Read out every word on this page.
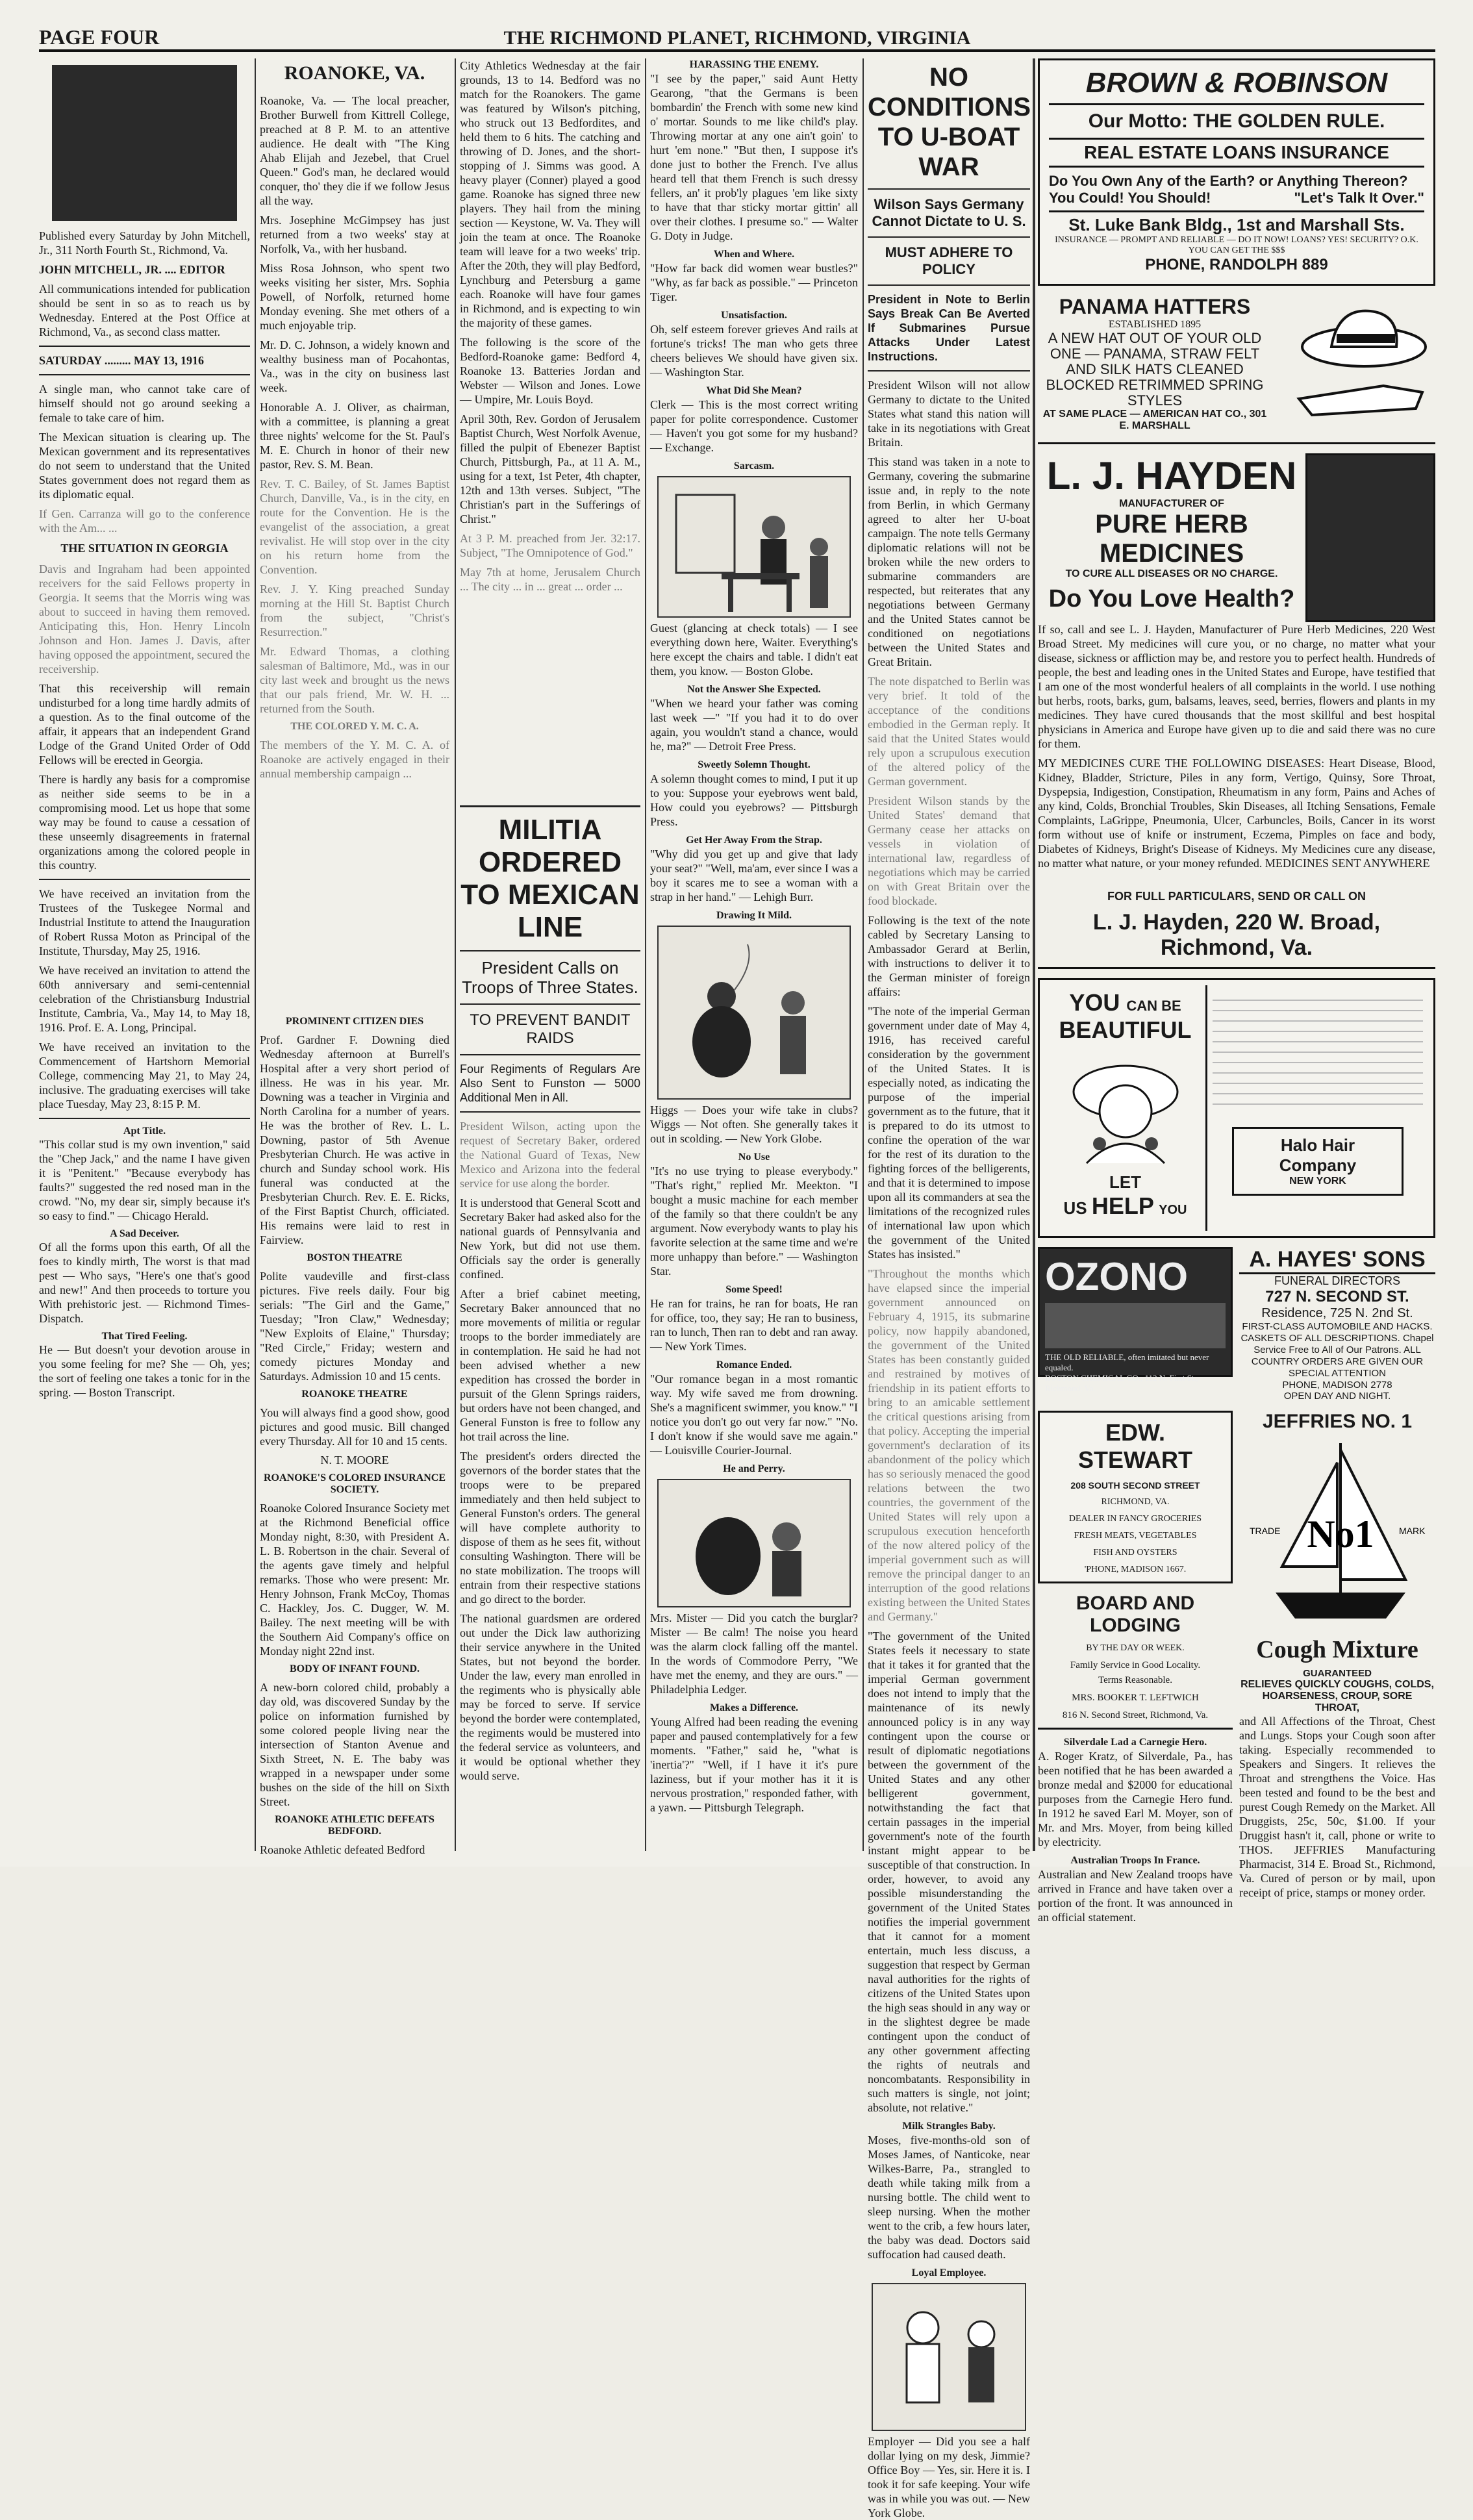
PAGE FOUR	THE RICHMOND PLANET, RICHMOND, VIRGINIA

Published every Saturday by John Mitchell, Jr., 311 North Fourth St., Richmond, Va.

JOHN MITCHELL, JR. .... EDITOR

All communications intended for publication should be sent in so as to reach us by Wednesday. Entered at the Post Office at Richmond, Va., as second class matter.

SATURDAY ......... MAY 13, 1916

A single man, who cannot take care of himself should not go around seeking a female to take care of him.

The Mexican situation is clearing up. The Mexican government and its representatives do not seem to understand that the United States government does not regard them as its diplomatic equal.

If Gen. Carranza will go to the conference with the Am... ...

THE SITUATION IN GEORGIA

Davis and Ingraham had been appointed receivers for the said Fellows property in Georgia. It seems that the Morris wing was about to succeed in having them removed. Anticipating this, Hon. Henry Lincoln Johnson and Hon. James J. Davis, after having opposed the appointment, secured the receivership.

That this receivership will remain undisturbed for a long time hardly admits of a question. As to the final outcome of the affair, it appears that an independent Grand Lodge of the Grand United Order of Odd Fellows will be erected in Georgia.

There is hardly any basis for a compromise as neither side seems to be in a compromising mood. Let us hope that some way may be found to cause a cessation of these unseemly disagreements in fraternal organizations among the colored people in this country.

We have received an invitation from the Trustees of the Tuskegee Normal and Industrial Institute to attend the Inauguration of Robert Russa Moton as Principal of the Institute, Thursday, May 25, 1916.

We have received an invitation to attend the 60th anniversary and semi-centennial celebration of the Christiansburg Industrial Institute, Cambria, Va., May 14, to May 18, 1916. Prof. E. A. Long, Principal.

We have received an invitation to the Commencement of Hartshorn Memorial College, commencing May 21, to May 24, inclusive. The graduating exercises will take place Tuesday, May 23, 8:15 P. M.

Apt Title.

"This collar stud is my own invention," said the "Chep Jack," and the name I have given it is "Penitent." "Because everybody has faults?" suggested the red nosed man in the crowd. "No, my dear sir, simply because it's so easy to find." — Chicago Herald.

A Sad Deceiver.

Of all the forms upon this earth, Of all the foes to kindly mirth, The worst is that mad pest — Who says, "Here's one that's good and new!" And then proceeds to torture you With prehistoric jest. — Richmond Times-Dispatch.

That Tired Feeling.

He — But doesn't your devotion arouse in you some feeling for me? She — Oh, yes; the sort of feeling one takes a tonic for in the spring. — Boston Transcript.

ROANOKE, VA.

Roanoke, Va. — The local preacher, Brother Burwell from Kittrell College, preached at 8 P. M. to an attentive audience. He dealt with "The King Ahab Elijah and Jezebel, that Cruel Queen." God's man, he declared would conquer, tho' they die if we follow Jesus all the way.

Mrs. Josephine McGimpsey has just returned from a two weeks' stay at Norfolk, Va., with her husband.

Miss Rosa Johnson, who spent two weeks visiting her sister, Mrs. Sophia Powell, of Norfolk, returned home Monday evening. She met others of a much enjoyable trip.

Mr. D. C. Johnson, a widely known and wealthy business man of Pocahontas, Va., was in the city on business last week.

Honorable A. J. Oliver, as chairman, with a committee, is planning a great three nights' welcome for the St. Paul's M. E. Church in honor of their new pastor, Rev. S. M. Bean.

Rev. T. C. Bailey, of St. James Baptist Church, Danville, Va., is in the city, en route for the Convention. He is the evangelist of the association, a great revivalist. He will stop over in the city on his return home from the Convention.

Rev. J. Y. King preached Sunday morning at the Hill St. Baptist Church from the subject, "Christ's Resurrection."

Mr. Edward Thomas, a clothing salesman of Baltimore, Md., was in our city last week and brought us the news that our pals friend, Mr. W. H. ... returned from the South.

THE COLORED Y. M. C. A.

The members of the Y. M. C. A. of Roanoke are actively engaged in their annual membership campaign ...

PROMINENT CITIZEN DIES

Prof. Gardner F. Downing died Wednesday afternoon at Burrell's Hospital after a very short period of illness. He was in his year. Mr. Downing was a teacher in Virginia and North Carolina for a number of years. He was the brother of Rev. L. L. Downing, pastor of 5th Avenue Presbyterian Church. He was active in church and Sunday school work. His funeral was conducted at the Presbyterian Church. Rev. E. E. Ricks, of the First Baptist Church, officiated. His remains were laid to rest in Fairview.

BOSTON THEATRE

Polite vaudeville and first-class pictures. Five reels daily. Four big serials: "The Girl and the Game," Tuesday; "Iron Claw," Wednesday; "New Exploits of Elaine," Thursday; "Red Circle," Friday; western and comedy pictures Monday and Saturdays. Admission 10 and 15 cents.

ROANOKE THEATRE

You will always find a good show, good pictures and good music. Bill changed every Thursday. All for 10 and 15 cents.

N. T. MOORE

ROANOKE'S COLORED INSURANCE SOCIETY.

Roanoke Colored Insurance Society met at the Richmond Beneficial office Monday night, 8:30, with President A. L. B. Robertson in the chair. Several of the agents gave timely and helpful remarks. Those who were present: Mr. Henry Johnson, Frank McCoy, Thomas C. Hackley, Jos. C. Dugger, W. M. Bailey. The next meeting will be with the Southern Aid Company's office on Monday night 22nd inst.

BODY OF INFANT FOUND.

A new-born colored child, probably a day old, was discovered Sunday by the police on information furnished by some colored people living near the intersection of Stanton Avenue and Sixth Street, N. E. The baby was wrapped in a newspaper under some bushes on the side of the hill on Sixth Street.

ROANOKE ATHLETIC DEFEATS BEDFORD.

Roanoke Athletic defeated Bedford

City Athletics Wednesday at the fair grounds, 13 to 14. Bedford was no match for the Roanokers. The game was featured by Wilson's pitching, who struck out 13 Bedfordites, and held them to 6 hits. The catching and throwing of D. Jones, and the short-stopping of J. Simms was good. A heavy player (Conner) played a good game. Roanoke has signed three new players. They hail from the mining section — Keystone, W. Va. They will join the team at once. The Roanoke team will leave for a two weeks' trip. After the 20th, they will play Bedford, Lynchburg and Petersburg a game each. Roanoke will have four games in Richmond, and is expecting to win the majority of these games.

The following is the score of the Bedford-Roanoke game: Bedford 4, Roanoke 13. Batteries Jordan and Webster — Wilson and Jones. Lowe — Umpire, Mr. Louis Boyd.

April 30th, Rev. Gordon of Jerusalem Baptist Church, West Norfolk Avenue, filled the pulpit of Ebenezer Baptist Church, Pittsburgh, Pa., at 11 A. M., using for a text, 1st Peter, 4th chapter, 12th and 13th verses. Subject, "The Christian's part in the Sufferings of Christ."

At 3 P. M. preached from Jer. 32:17. Subject, "The Omnipotence of God."

May 7th at home, Jerusalem Church ... The city ... in ... great ... order ...

MILITIA ORDERED
TO MEXICAN LINE

President Calls on Troops of Three States.

TO PREVENT BANDIT RAIDS

Four Regiments of Regulars Are Also Sent to Funston — 5000 Additional Men in All.

President Wilson, acting upon the request of Secretary Baker, ordered the National Guard of Texas, New Mexico and Arizona into the federal service for use along the border.

It is understood that General Scott and Secretary Baker had asked also for the national guards of Pennsylvania and New York, but did not use them. Officials say the order is generally confined.

After a brief cabinet meeting, Secretary Baker announced that no more movements of militia or regular troops to the border immediately are in contemplation. He said he had not been advised whether a new expedition has crossed the border in pursuit of the Glenn Springs raiders, but orders have not been changed, and General Funston is free to follow any hot trail across the line.

The president's orders directed the governors of the border states that the troops were to be prepared immediately and then held subject to General Funston's orders. The general will have complete authority to dispose of them as he sees fit, without consulting Washington. There will be no state mobilization. The troops will entrain from their respective stations and go direct to the border.

The national guardsmen are ordered out under the Dick law authorizing their service anywhere in the United States, but not beyond the border. Under the law, every man enrolled in the regiments who is physically able may be forced to serve. If service beyond the border were contemplated, the regiments would be mustered into the federal service as volunteers, and it would be optional whether they would serve.

HARASSING THE ENEMY.

"I see by the paper," said Aunt Hetty Gearong, "that the Germans is been bombardin' the French with some new kind o' mortar. Sounds to me like child's play. Throwing mortar at any one ain't goin' to hurt 'em none." "But then, I suppose it's done just to bother the French. I've allus heard tell that them French is such dressy fellers, an' it prob'ly plagues 'em like sixty to have that thar sticky mortar gittin' all over their clothes. I presume so." — Walter G. Doty in Judge.

When and Where.

"How far back did women wear bustles?" "Why, as far back as possible." — Princeton Tiger.

Unsatisfaction.

Oh, self esteem forever grieves And rails at fortune's tricks! The man who gets three cheers believes We should have given six. — Washington Star.

What Did She Mean?

Clerk — This is the most correct writing paper for polite correspondence. Customer — Haven't you got some for my husband? — Exchange.

Sarcasm.

Guest (glancing at check totals) — I see everything down here, Waiter. Everything's here except the chairs and table. I didn't eat them, you know. — Boston Globe.

Not the Answer She Expected.

"When we heard your father was coming last week —" "If you had it to do over again, you wouldn't stand a chance, would he, ma?" — Detroit Free Press.

Sweetly Solemn Thought.

A solemn thought comes to mind, I put it up to you: Suppose your eyebrows went bald, How could you eyebrows? — Pittsburgh Press.

Get Her Away From the Strap.

"Why did you get up and give that lady your seat?" "Well, ma'am, ever since I was a boy it scares me to see a woman with a strap in her hand." — Lehigh Burr.

Drawing It Mild.

Higgs — Does your wife take in clubs? Wiggs — Not often. She generally takes it out in scolding. — New York Globe.

No Use

"It's no use trying to please everybody." "That's right," replied Mr. Meekton. "I bought a music machine for each member of the family so that there couldn't be any argument. Now everybody wants to play his favorite selection at the same time and we're more unhappy than before." — Washington Star.

Some Speed!

He ran for trains, he ran for boats, He ran for office, too, they say; He ran to business, ran to lunch, Then ran to debt and ran away. — New York Times.

Romance Ended.

"Our romance began in a most romantic way. My wife saved me from drowning. She's a magnificent swimmer, you know." "I notice you don't go out very far now." "No. I don't know if she would save me again." — Louisville Courier-Journal.

He and Perry.

Mrs. Mister — Did you catch the burglar? Mister — Be calm! The noise you heard was the alarm clock falling off the mantel. In the words of Commodore Perry, "We have met the enemy, and they are ours." — Philadelphia Ledger.

Makes a Difference.

Young Alfred had been reading the evening paper and paused contemplatively for a few moments. "Father," said he, "what is 'inertia'?" "Well, if I have it it's pure laziness, but if your mother has it it is nervous prostration," responded father, with a yawn. — Pittsburgh Telegraph.

NO CONDITIONS
TO U-BOAT WAR

Wilson Says Germany Cannot Dictate to U. S.

MUST ADHERE TO POLICY

President in Note to Berlin Says Break Can Be Averted If Submarines Pursue Attacks Under Latest Instructions.

President Wilson will not allow Germany to dictate to the United States what stand this nation will take in its negotiations with Great Britain.

This stand was taken in a note to Germany, covering the submarine issue and, in reply to the note from Berlin, in which Germany agreed to alter her U-boat campaign. The note tells Germany diplomatic relations will not be broken while the new orders to submarine commanders are respected, but reiterates that any negotiations between Germany and the United States cannot be conditioned on negotiations between the United States and Great Britain.

The note dispatched to Berlin was very brief. It told of the acceptance of the conditions embodied in the German reply. It said that the United States would rely upon a scrupulous execution of the altered policy of the German government.

President Wilson stands by the United States' demand that Germany cease her attacks on vessels in violation of international law, regardless of negotiations which may be carried on with Great Britain over the food blockade.

Following is the text of the note cabled by Secretary Lansing to Ambassador Gerard at Berlin, with instructions to deliver it to the German minister of foreign affairs:

"The note of the imperial German government under date of May 4, 1916, has received careful consideration by the government of the United States. It is especially noted, as indicating the purpose of the imperial government as to the future, that it is prepared to do its utmost to confine the operation of the war for the rest of its duration to the fighting forces of the belligerents, and that it is determined to impose upon all its commanders at sea the limitations of the recognized rules of international law upon which the government of the United States has insisted."

"Throughout the months which have elapsed since the imperial government announced on February 4, 1915, its submarine policy, now happily abandoned, the government of the United States has been constantly guided and restrained by motives of friendship in its patient efforts to bring to an amicable settlement the critical questions arising from that policy. Accepting the imperial government's declaration of its abandonment of the policy which has so seriously menaced the good relations between the two countries, the government of the United States will rely upon a scrupulous execution henceforth of the now altered policy of the imperial government such as will remove the principal danger to an interruption of the good relations existing between the United States and Germany."

"The government of the United States feels it necessary to state that it takes it for granted that the imperial German government does not intend to imply that the maintenance of its newly announced policy is in any way contingent upon the course or result of diplomatic negotiations between the government of the United States and any other belligerent government, notwithstanding the fact that certain passages in the imperial government's note of the fourth instant might appear to be susceptible of that construction. In order, however, to avoid any possible misunderstanding the government of the United States notifies the imperial government that it cannot for a moment entertain, much less discuss, a suggestion that respect by German naval authorities for the rights of citizens of the United States upon the high seas should in any way or in the slightest degree be made contingent upon the conduct of any other government affecting the rights of neutrals and noncombatants. Responsibility in such matters is single, not joint; absolute, not relative."

Milk Strangles Baby.

Moses, five-months-old son of Moses James, of Nanticoke, near Wilkes-Barre, Pa., strangled to death while taking milk from a nursing bottle. The child went to sleep nursing. When the mother went to the crib, a few hours later, the baby was dead. Doctors said suffocation had caused death.

Loyal Employee.

Employer — Did you see a half dollar lying on my desk, Jimmie? Office Boy — Yes, sir. Here it is. I took it for safe keeping. Your wife was in while you was out. — New York Globe.

BROWN & ROBINSON

Our Motto: THE GOLDEN RULE.

REAL ESTATE LOANS INSURANCE

Do You Own Any of the Earth? or Anything Thereon?

You Could! You Should!	"Let's Talk It Over."

St. Luke Bank Bldg., 1st and Marshall Sts.

INSURANCE — PROMPT AND RELIABLE — DO IT NOW! LOANS? YES! SECURITY? O.K. YOU CAN GET THE $$$

PHONE, RANDOLPH 889

PANAMA HATTERS

ESTABLISHED 1895

A NEW HAT OUT OF YOUR OLD ONE — PANAMA, STRAW FELT AND SILK HATS CLEANED BLOCKED RETRIMMED SPRING STYLES

AT SAME PLACE — AMERICAN HAT CO., 301 E. MARSHALL

L. J. HAYDEN

MANUFACTURER OF

PURE HERB MEDICINES

TO CURE ALL DISEASES OR NO CHARGE.

Do You Love Health?

If so, call and see L. J. Hayden, Manufacturer of Pure Herb Medicines, 220 West Broad Street. My medicines will cure you, or no charge, no matter what your disease, sickness or affliction may be, and restore you to perfect health. Hundreds of people, the best and leading ones in the United States and Europe, have testified that I am one of the most wonderful healers of all complaints in the world. I use nothing but herbs, roots, barks, gum, balsams, leaves, seed, berries, flowers and plants in my medicines. They have cured thousands that the most skillful and best hospital physicians in America and Europe have given up to die and said there was no cure for them.

MY MEDICINES CURE THE FOLLOWING DISEASES: Heart Disease, Blood, Kidney, Bladder, Stricture, Piles in any form, Vertigo, Quinsy, Sore Throat, Dyspepsia, Indigestion, Constipation, Rheumatism in any form, Pains and Aches of any kind, Colds, Bronchial Troubles, Skin Diseases, all Itching Sensations, Female Complaints, LaGrippe, Pneumonia, Ulcer, Carbuncles, Boils, Cancer in its worst form without use of knife or instrument, Eczema, Pimples on face and body, Diabetes of Kidneys, Bright's Disease of Kidneys. My Medicines cure any disease, no matter what nature, or your money refunded. MEDICINES SENT ANYWHERE

FOR FULL PARTICULARS, SEND OR CALL ON

L. J. Hayden, 220 W. Broad, Richmond, Va.

YOU CAN BE
BEAUTIFUL
LET
US HELP YOU

Halo Hair Company

NEW YORK

OZONO

THE OLD RELIABLE, often imitated but never equaled.

BOSTON CHEMICAL CO., 112 N. First St., Richmond, Va.

A. HAYES' SONS

FUNERAL DIRECTORS

727 N. SECOND ST.

Residence, 725 N. 2nd St.

FIRST-CLASS AUTOMOBILE AND HACKS. CASKETS OF ALL DESCRIPTIONS. Chapel Service Free to All of Our Patrons. ALL COUNTRY ORDERS ARE GIVEN OUR SPECIAL ATTENTION

PHONE, MADISON 2778

OPEN DAY AND NIGHT.

EDW. STEWART

208 SOUTH SECOND STREET

RICHMOND, VA.

DEALER IN FANCY GROCERIES

FRESH MEATS, VEGETABLES

FISH AND OYSTERS

'PHONE, MADISON 1667.

BOARD AND LODGING

BY THE DAY OR WEEK.

Family Service in Good Locality.

Terms Reasonable.

MRS. BOOKER T. LEFTWICH

816 N. Second Street, Richmond, Va.

Silverdale Lad a Carnegie Hero.

A. Roger Kratz, of Silverdale, Pa., has been notified that he has been awarded a bronze medal and $2000 for educational purposes from the Carnegie Hero fund. In 1912 he saved Earl M. Moyer, son of Mr. and Mrs. Moyer, from being killed by electricity.

Australian Troops In France.

Australian and New Zealand troops have arrived in France and have taken over a portion of the front. It was announced in an official statement.

JEFFRIES NO. 1

No1
TRADE	MARK

Cough Mixture

GUARANTEED

RELIEVES QUICKLY COUGHS, COLDS, HOARSENESS, CROUP, SORE THROAT,

and All Affections of the Throat, Chest and Lungs. Stops your Cough soon after taking. Especially recommended to Speakers and Singers. It relieves the Throat and strengthens the Voice. Has been tested and found to be the best and purest Cough Remedy on the Market. All Druggists, 25c, 50c, $1.00. If your Druggist hasn't it, call, phone or write to THOS. JEFFRIES Manufacturing Pharmacist, 314 E. Broad St., Richmond, Va. Cured of person or by mail, upon receipt of price, stamps or money order.
